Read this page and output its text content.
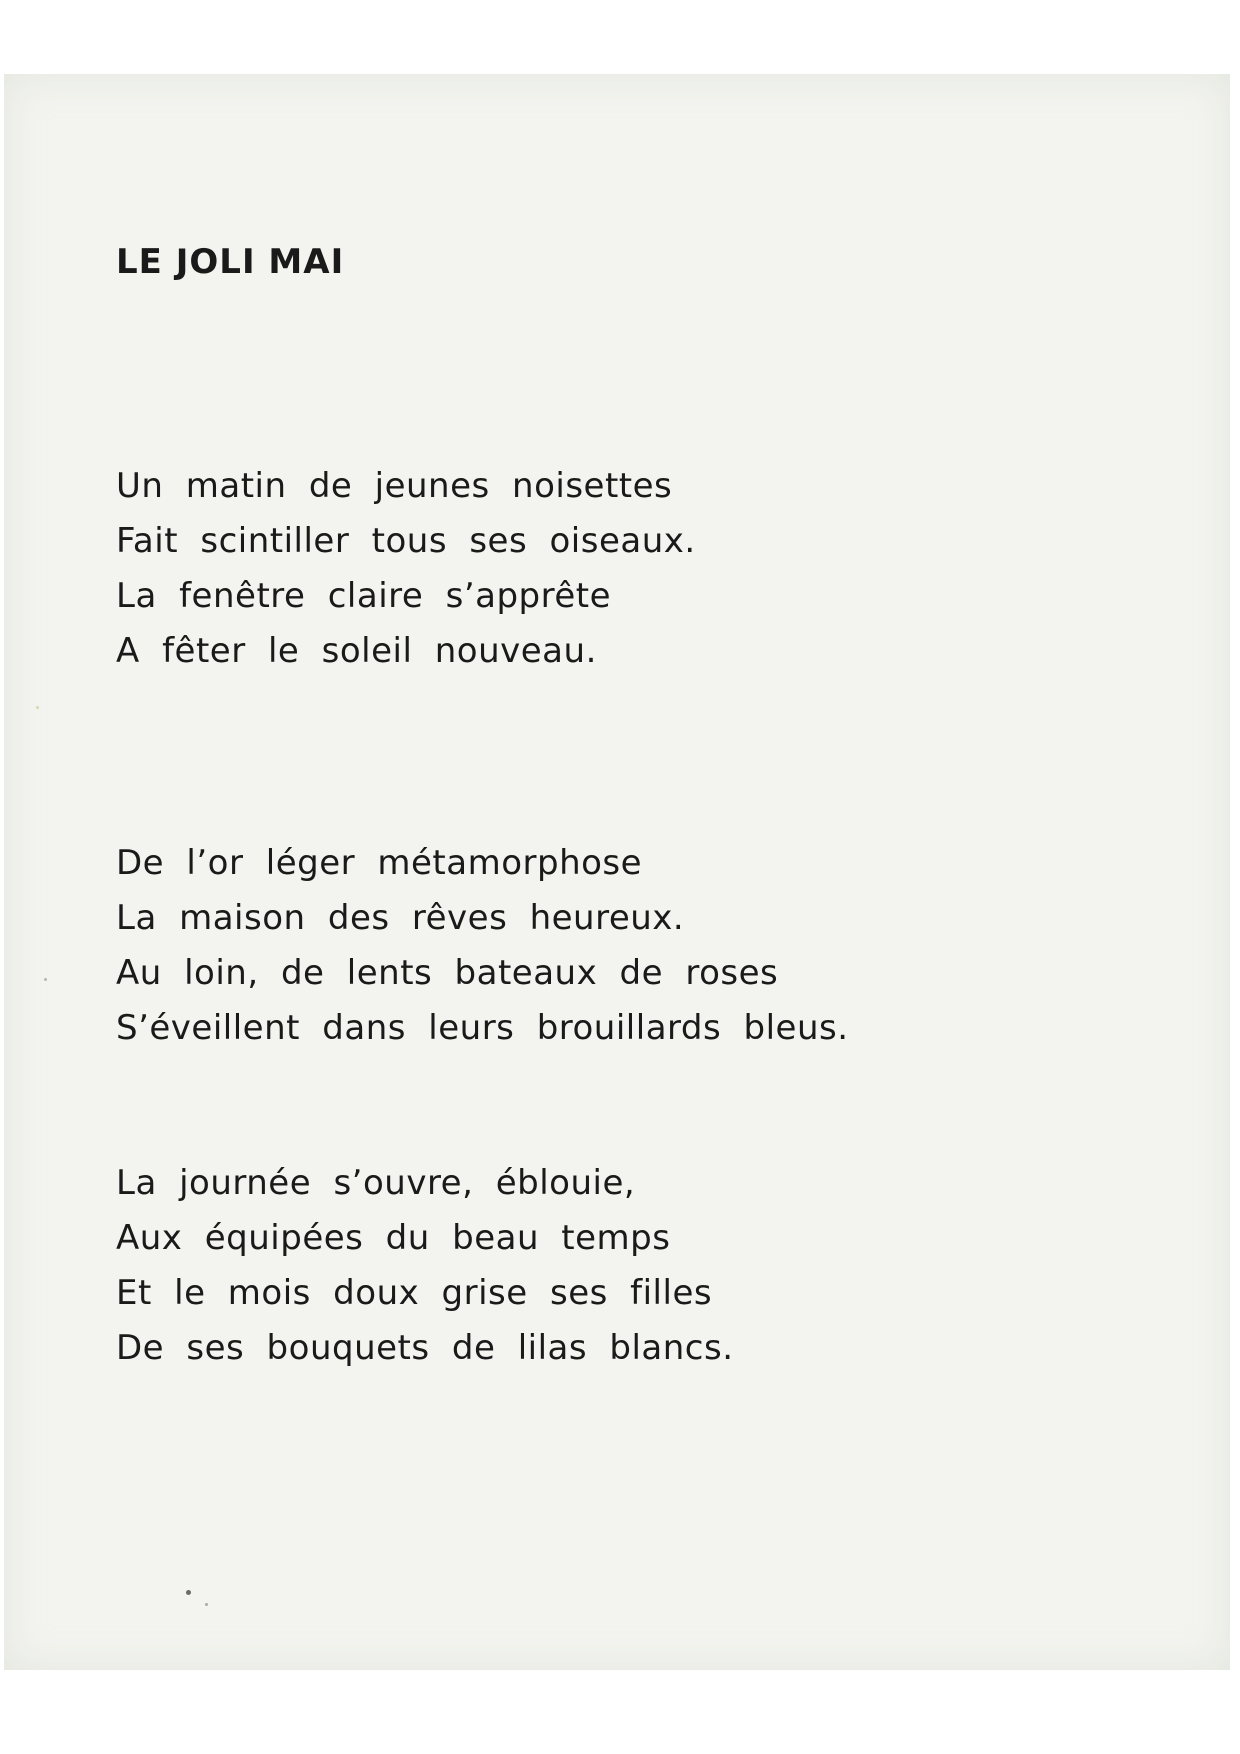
LE JOLI MAI
Un matin de jeunes noisettes
Fait scintiller tous ses oiseaux.
La fenêtre claire s’apprête
A fêter le soleil nouveau.
De l’or léger métamorphose
La maison des rêves heureux.
Au loin, de lents bateaux de roses
S’éveillent dans leurs brouillards bleus.
La journée s’ouvre, éblouie,
Aux équipées du beau temps
Et le mois doux grise ses filles
De ses bouquets de lilas blancs.
